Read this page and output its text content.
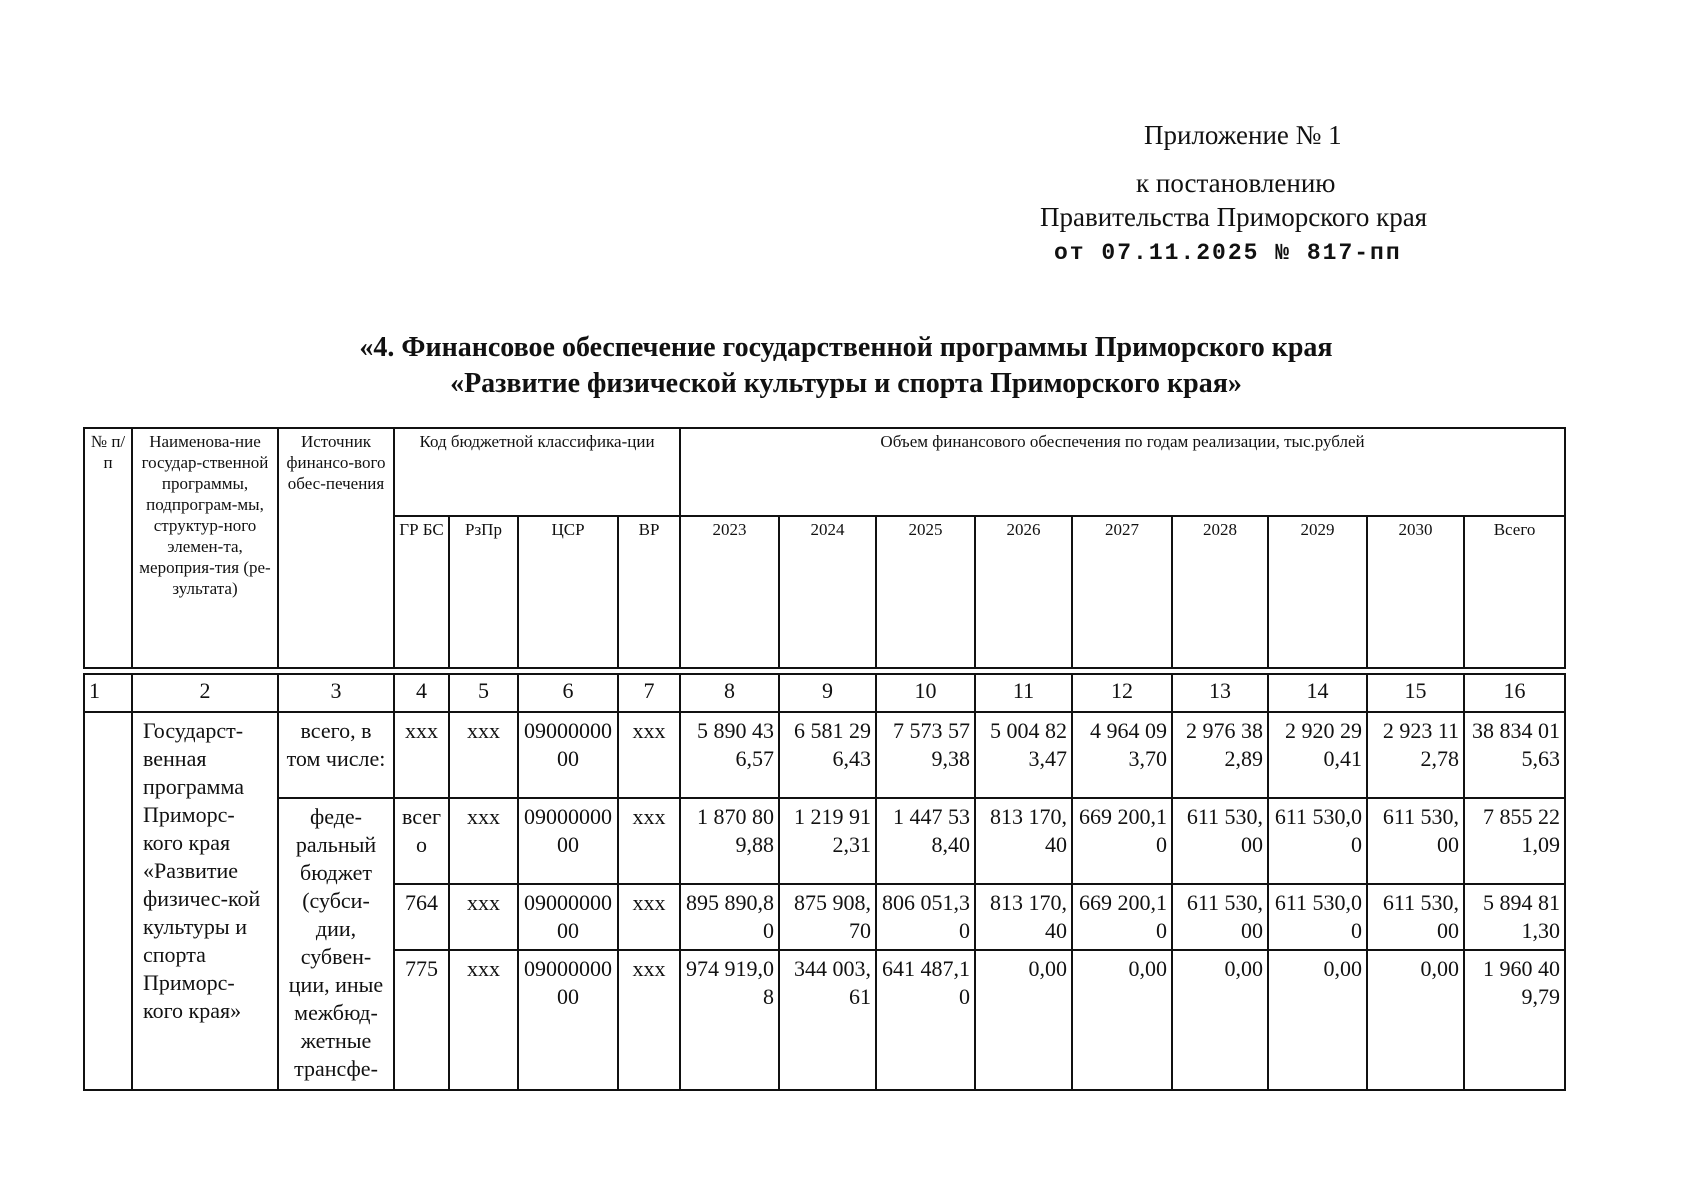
Приложение № 1
к постановлению
Правительства Приморского края
от 07.11.2025 № 817-пп
«4. Финансовое обеспечение государственной программы Приморского края
«Развитие физической культуры и спорта Приморского края»
№ п/ п	Наименова-ние государ-ственной программы, подпрограм-мы, структур-ного элемен-та, мероприя-тия (ре-зультата)	Источник финансо-вого обес-печения	Код бюджетной классифика-ции				Объем финансового обеспечения по годам реализации, тыс.рублей								
			ГР БС	РзПр	ЦСР	ВР	2023	2024	2025	2026	2027	2028	2029	2030	Всего

1	2	3	4	5	6	7	8	9	10	11	12	13	14	15	16
	Государст-венная программа Приморс-кого края «Развитие физичес-кой культуры и спорта Приморс-кого края»	всего, в том числе:	xxx	xxx	0900000000	xxx	5 890 436,57	6 581 296,43	7 573 579,38	5 004 823,47	4 964 093,70	2 976 382,89	2 920 290,41	2 923 112,78	38 834 015,63
		феде-ральный бюджет (субси-дии, субвен-ции, иные межбюд-жетные трансфе-	всего	xxx	0900000000	xxx	1 870 809,88	1 219 912,31	1 447 538,40	813 170,40	669 200,10	611 530,00	611 530,00	611 530,00	7 855 221,09
			764	xxx	0900000000	xxx	895 890,80	875 908,70	806 051,30	813 170,40	669 200,10	611 530,00	611 530,00	611 530,00	5 894 811,30
			775	xxx	0900000000	xxx	974 919,08	344 003,61	641 487,10	0,00	0,00	0,00	0,00	0,00	1 960 409,79
